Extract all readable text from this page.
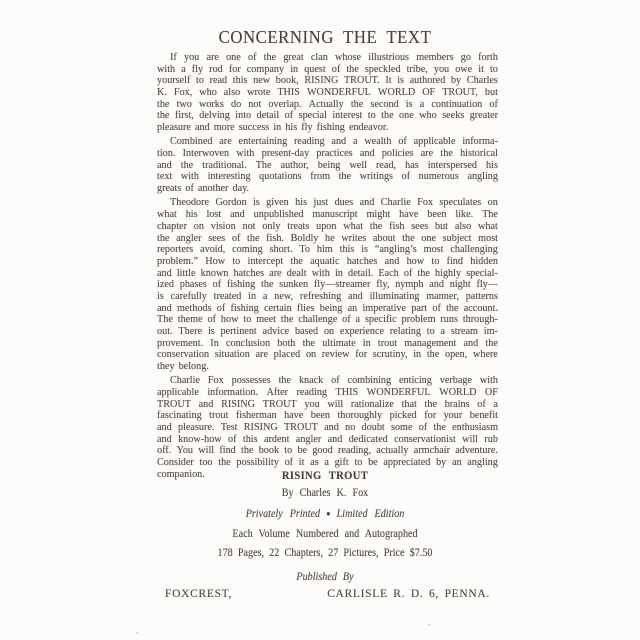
CONCERNING THE TEXT
If you are one of the great clan whose illustrious members go forth
with a fly rod for company in quest of the speckled tribe, you owe it to
yourself to read this new book, RISING TROUT. It is authored by Charles
K. Fox, who also wrote THIS WONDERFUL WORLD OF TROUT, but
the two works do not overlap. Actually the second is a continuation of
the first, delving into detail of special interest to the one who seeks greater
pleasure and more success in his fly fishing endeavor.
Combined are entertaining reading and a wealth of applicable informa-
tion. Interwoven with present-day practices and policies are the historical
and the traditional. The author, being well read, has interspersed his
text with interesting quotations from the writings of numerous angling
greats of another day.
Theodore Gordon is given his just dues and Charlie Fox speculates on
what his lost and unpublished manuscript might have been like. The
chapter on vision not only treats upon what the fish sees but also what
the angler sees of the fish. Boldly he writes about the one subject most
reporters avoid, coming short. To him this is “angling’s most challenging
problem.” How to intercept the aquatic hatches and how to find hidden
and little known hatches are dealt with in detail. Each of the highly special-
ized phases of fishing the sunken fly—streamer fly, nymph and night fly—
is carefully treated in a new, refreshing and illuminating manner, patterns
and methods of fishing certain flies being an imperative part of the account.
The theme of how to meet the challenge of a specific problem runs through-
out. There is pertinent advice based on experience relating to a stream im-
provement. In conclusion both the ultimate in trout management and the
conservation situation are placed on review for scrutiny, in the open, where
they belong.
Charlie Fox possesses the knack of combining enticing verbage with
applicable information. After reading THIS WONDERFUL WORLD OF
TROUT and RISING TROUT you will rationalize that the brains of a
fascinating trout fisherman have been thoroughly picked for your benefit
and pleasure. Test RISING TROUT and no doubt some of the enthusiasm
and know-how of this ardent angler and dedicated conservationist will rub
off. You will find the book to be good reading, actually armchair adventure.
Consider too the possibility of it as a gift to be appreciated by an angling
companion.	RISING TROUT
By Charles K. Fox
Privately Printed ● Limited Edition
Each Volume Numbered and Autographed
178 Pages, 22 Chapters, 27 Pictures, Price $7.50
Published By
FOXCREST,	CARLISLE R. D. 6, PENNA.
